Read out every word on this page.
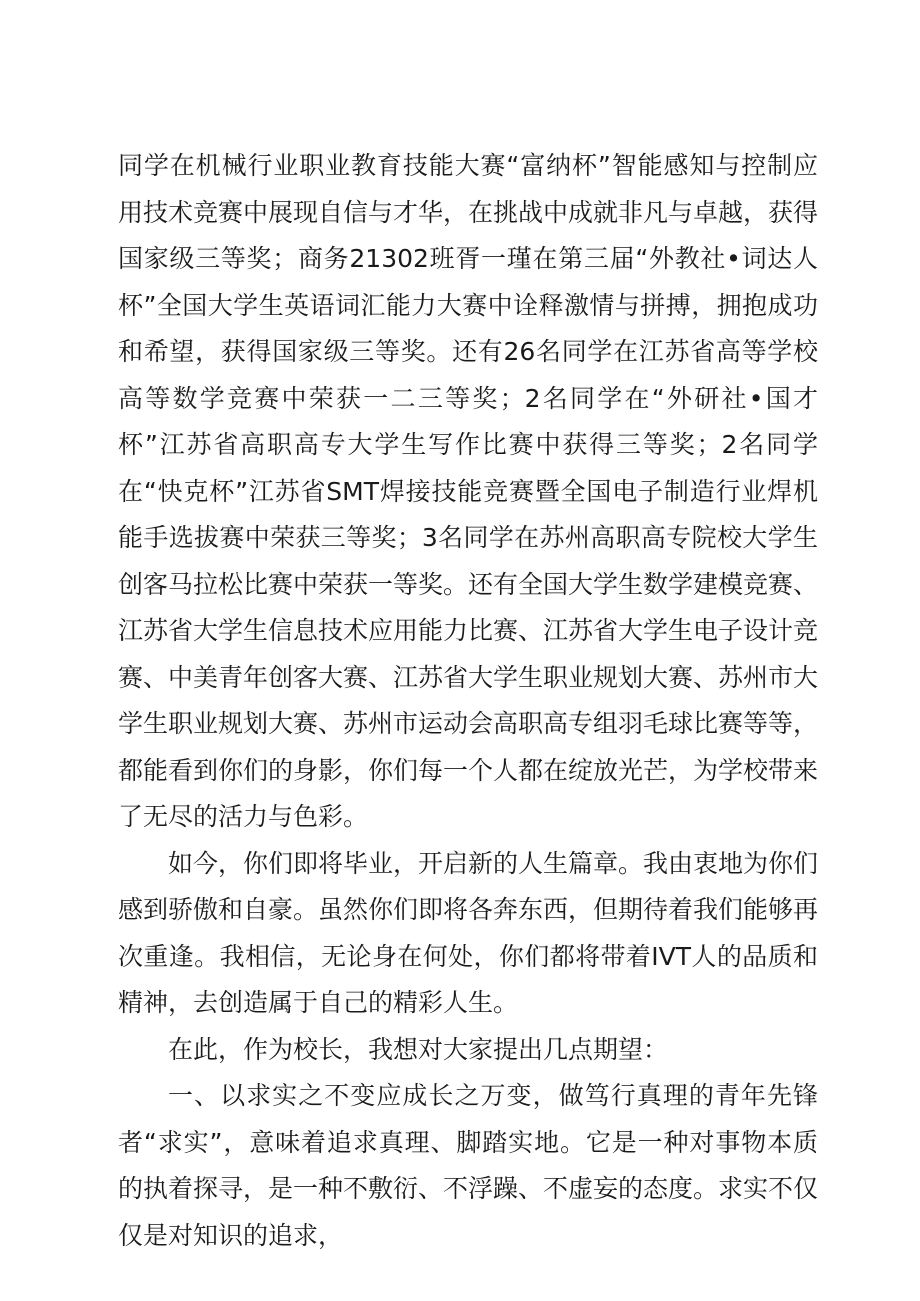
同学在机械行业职业教育技能大赛“富纳杯”智能感知与控制应用技术竞赛中展现自信与才华，在挑战中成就非凡与卓越，获得国家级三等奖；商务21302班胥一瑾在第三届“外教社•词达人杯”全国大学生英语词汇能力大赛中诠释激情与拼搏，拥抱成功和希望，获得国家级三等奖。还有26名同学在江苏省高等学校高等数学竞赛中荣获一二三等奖；2名同学在“外研社•国才杯”江苏省高职高专大学生写作比赛中获得三等奖；2名同学在“快克杯”江苏省SMT焊接技能竞赛暨全国电子制造行业焊机能手选拔赛中荣获三等奖；3名同学在苏州高职高专院校大学生创客马拉松比赛中荣获一等奖。还有全国大学生数学建模竞赛、江苏省大学生信息技术应用能力比赛、江苏省大学生电子设计竞赛、中美青年创客大赛、江苏省大学生职业规划大赛、苏州市大学生职业规划大赛、苏州市运动会高职高专组羽毛球比赛等等，都能看到你们的身影，你们每一个人都在绽放光芒，为学校带来了无尽的活力与色彩。

如今，你们即将毕业，开启新的人生篇章。我由衷地为你们感到骄傲和自豪。虽然你们即将各奔东西，但期待着我们能够再次重逢。我相信，无论身在何处，你们都将带着IVT人的品质和精神，去创造属于自己的精彩人生。

在此，作为校长，我想对大家提出几点期望：

一、以求实之不变应成长之万变，做笃行真理的青年先锋者“求实”，意味着追求真理、脚踏实地。它是一种对事物本质的执着探寻，是一种不敷衍、不浮躁、不虚妄的态度。求实不仅仅是对知识的追求，
